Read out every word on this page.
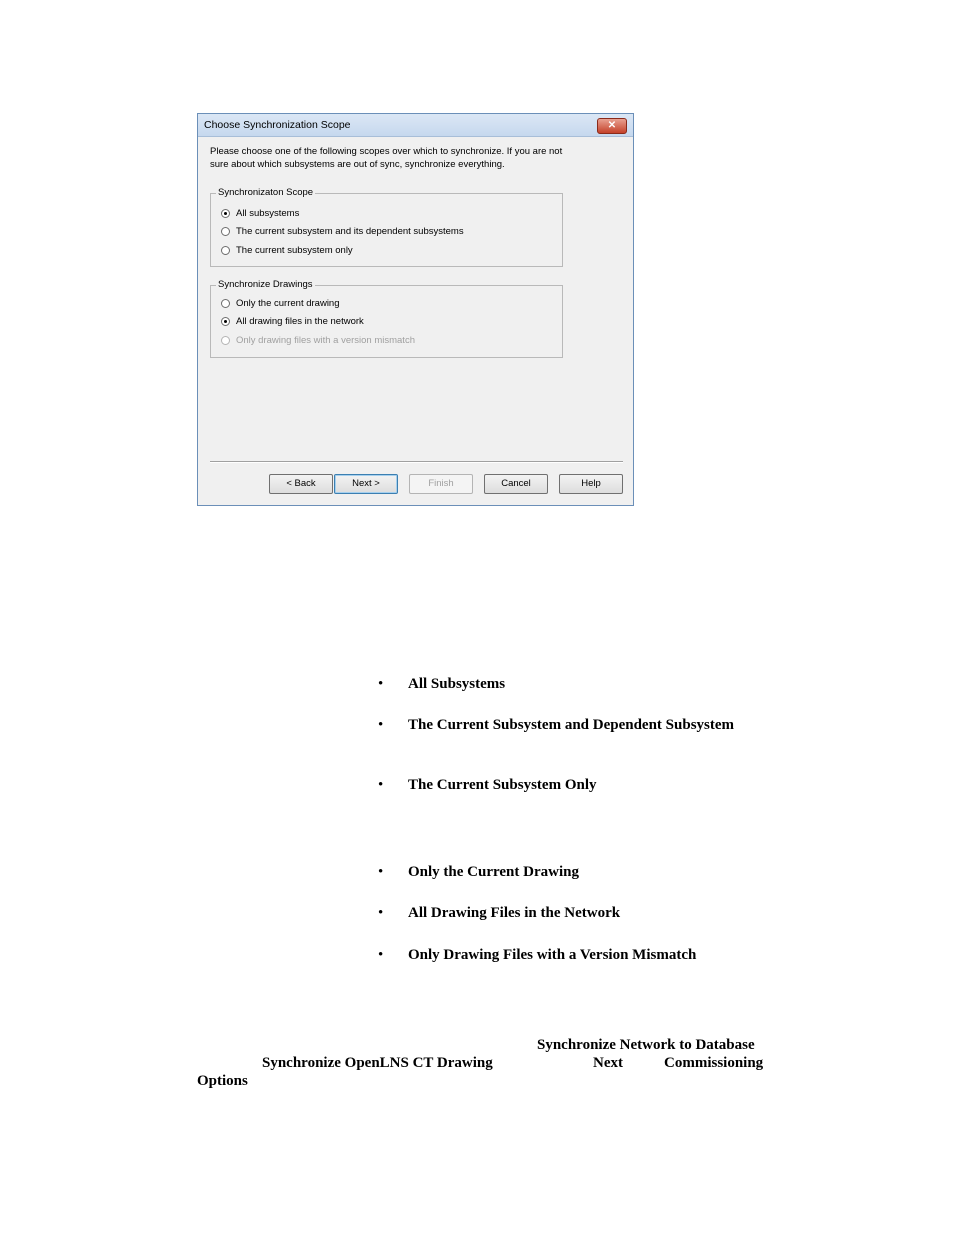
Choose Synchronization Scope	✕
Please choose one of the following scopes over which to synchronize. If you are not sure about which subsystems are out of sync, synchronize everything.
Synchronizaton Scope
All subsystems
The current subsystem and its dependent subsystems
The current subsystem only
Synchronize Drawings
Only the current drawing
All drawing files in the network
Only drawing files with a version mismatch
< Back	Next >	Finish	Cancel	Help
•	All Subsystems
•	The Current Subsystem and Dependent Subsystem
•	The Current Subsystem Only
•	Only the Current Drawing
•	All Drawing Files in the Network
•	Only Drawing Files with a Version Mismatch
Synchronize Network to Database
Synchronize OpenLNS CT Drawing	Next	Commissioning
Options
